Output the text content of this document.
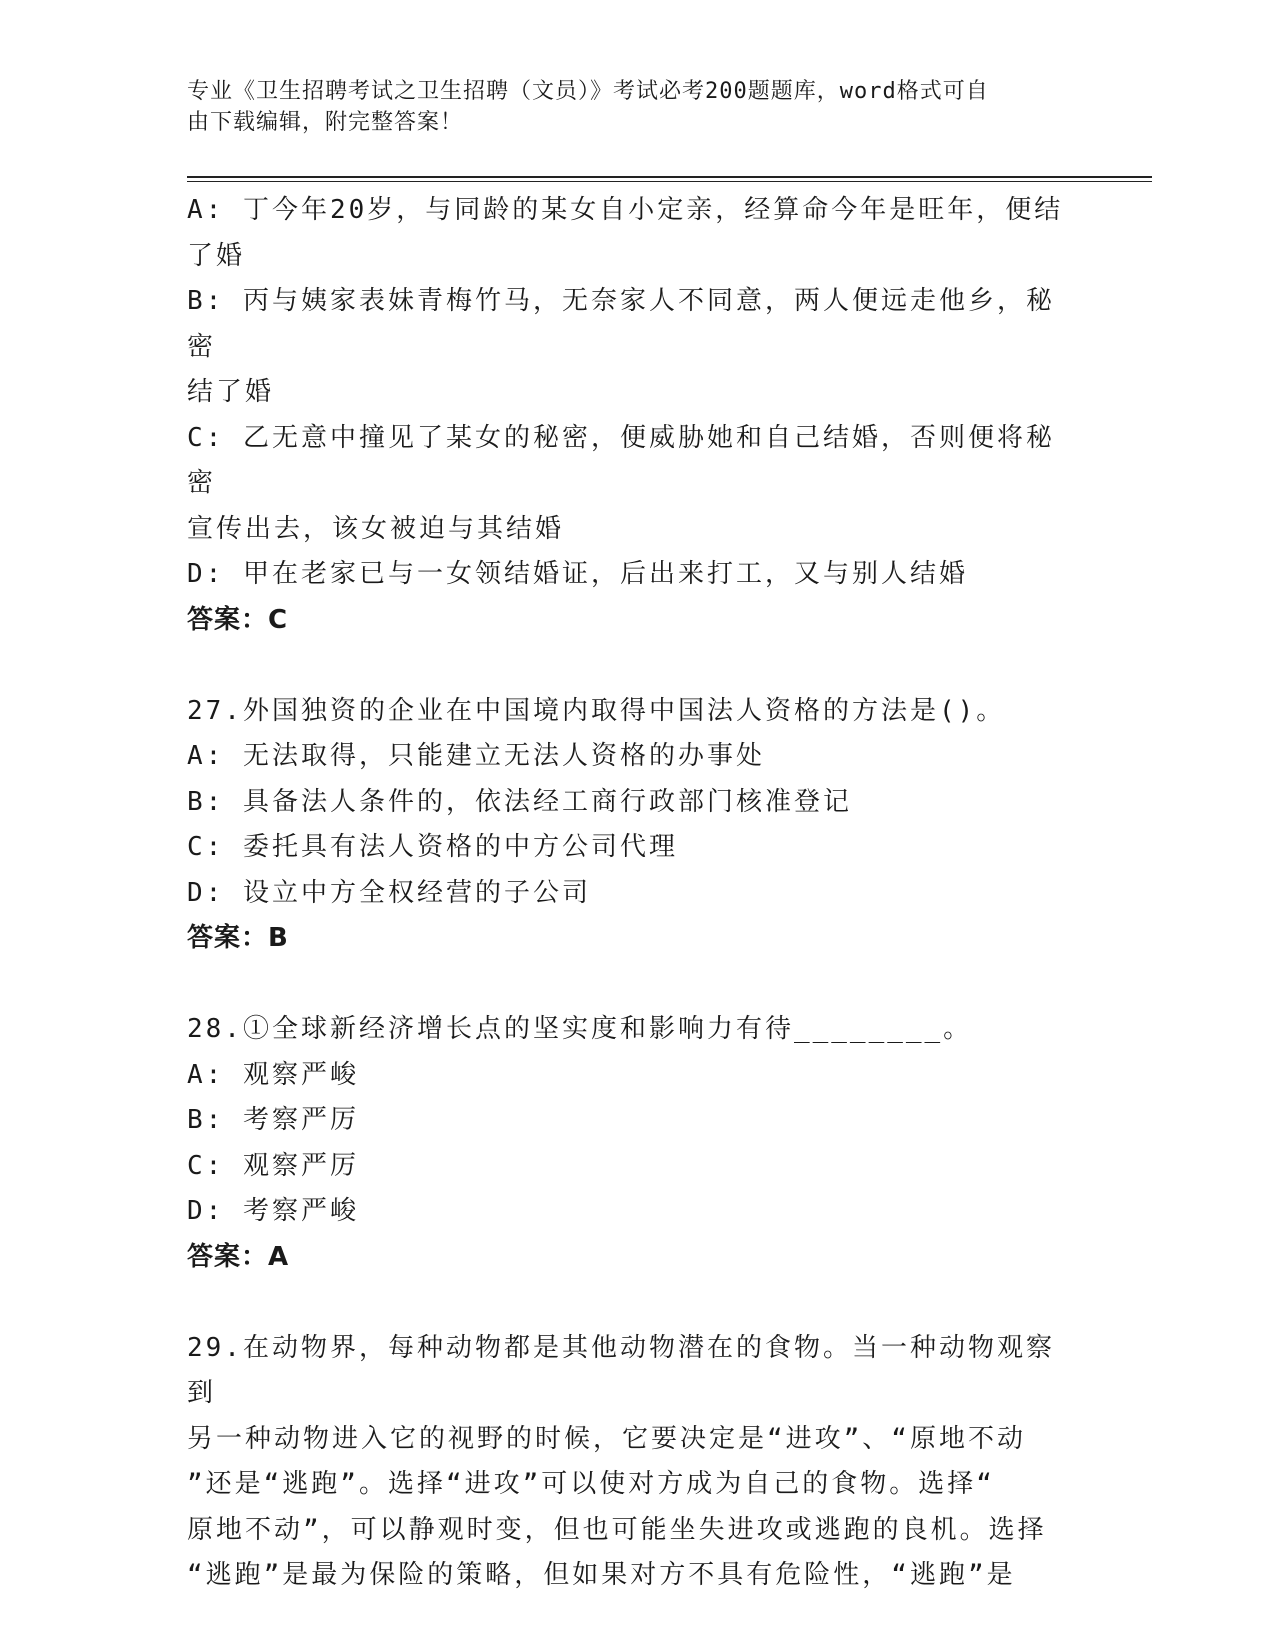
专业《卫生招聘考试之卫生招聘（文员）》考试必考200题题库，word格式可自
由下载编辑，附完整答案！
A: 丁今年20岁，与同龄的某女自小定亲，经算命今年是旺年，便结
了婚
B: 丙与姨家表妹青梅竹马，无奈家人不同意，两人便远走他乡，秘密
结了婚
C: 乙无意中撞见了某女的秘密，便威胁她和自己结婚，否则便将秘密
宣传出去，该女被迫与其结婚
D: 甲在老家已与一女领结婚证，后出来打工，又与别人结婚
答案：C
27.外国独资的企业在中国境内取得中国法人资格的方法是()。
A: 无法取得，只能建立无法人资格的办事处
B: 具备法人条件的，依法经工商行政部门核准登记
C: 委托具有法人资格的中方公司代理
D: 设立中方全权经营的子公司
答案：B
28.①全球新经济增长点的坚实度和影响力有待________。
A: 观察严峻
B: 考察严厉
C: 观察严厉
D: 考察严峻
答案：A
29.在动物界，每种动物都是其他动物潜在的食物。当一种动物观察到
另一种动物进入它的视野的时候，它要决定是“进攻”、“原地不动
”还是“逃跑”。选择“进攻”可以使对方成为自己的食物。选择“
原地不动”，可以静观时变，但也可能坐失进攻或逃跑的良机。选择
“逃跑”是最为保险的策略，但如果对方不具有危险性，“逃跑”是
